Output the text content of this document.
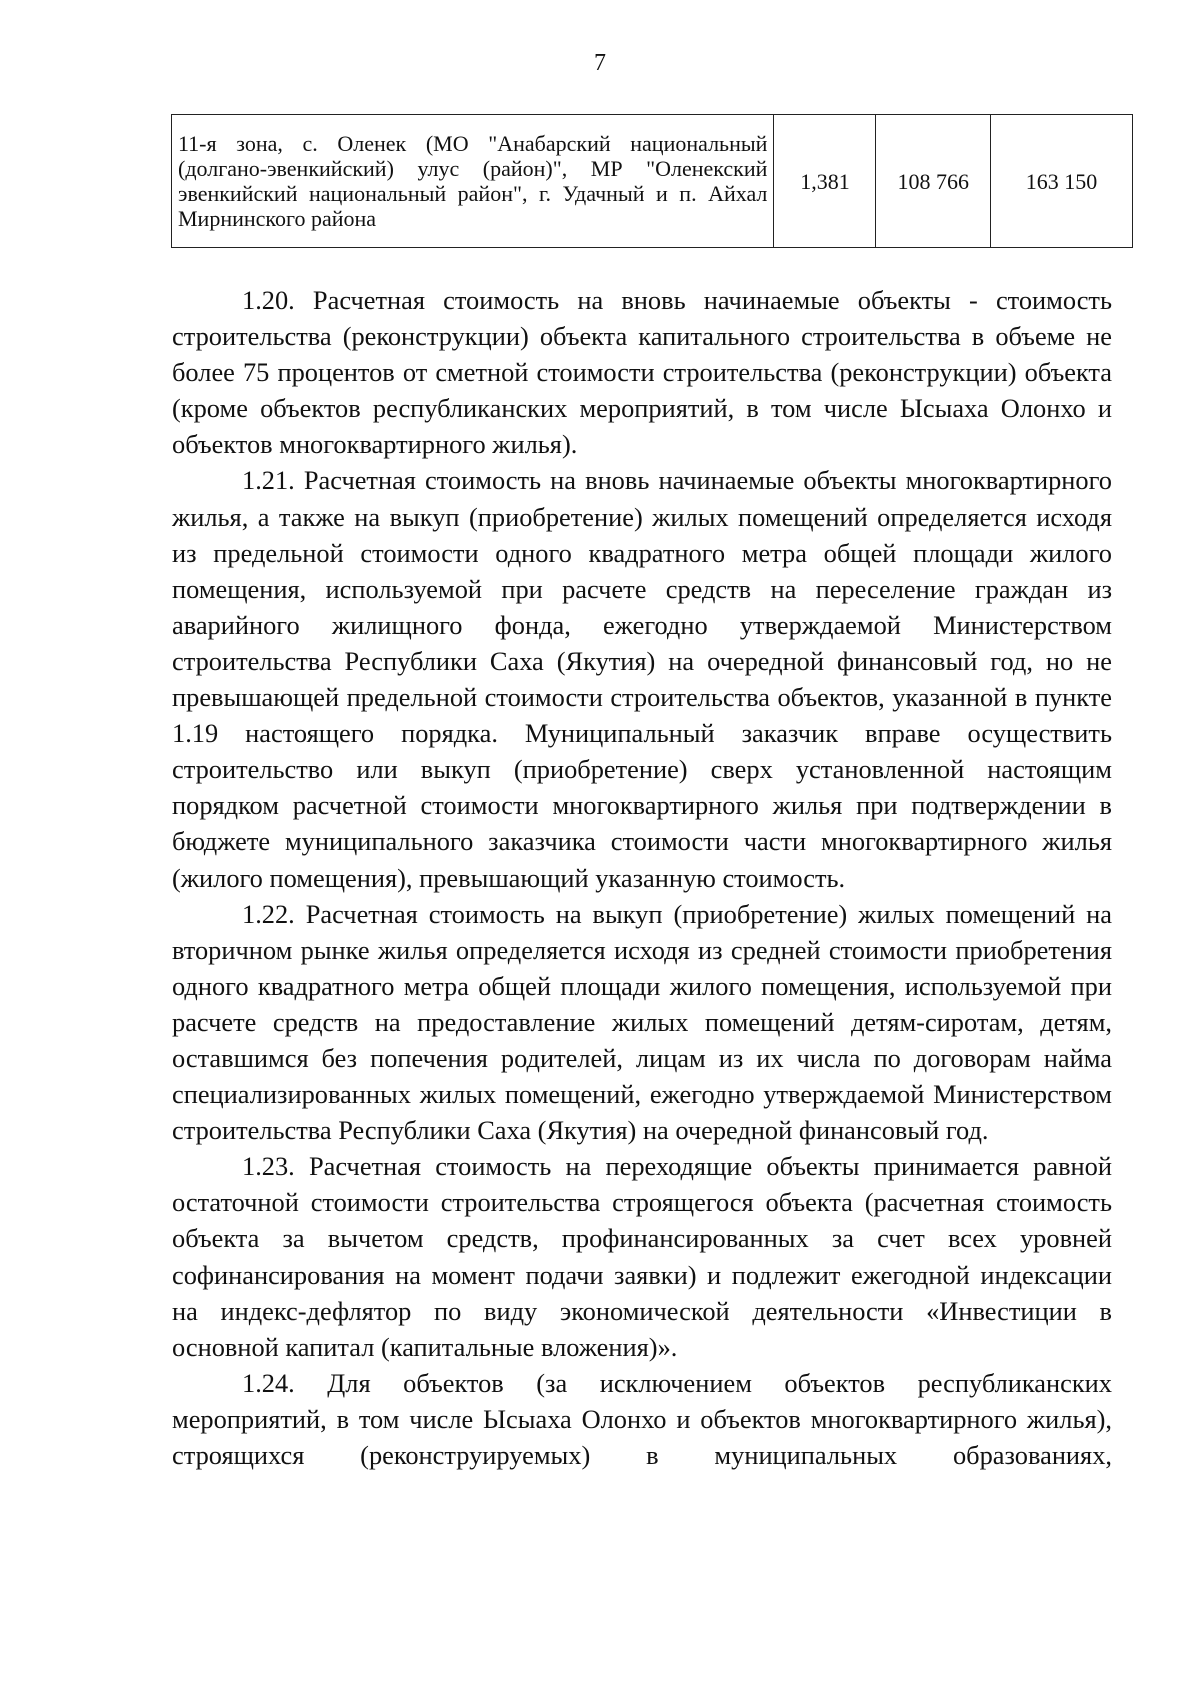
7
11-я зона, с. Оленек (МО "Анабарский национальный (долгано-эвенкийский) улус (район)", МР "Оленекский эвенкийский национальный район", г. Удачный и п. Айхал Мирнинского района	1,381	108 766	163 150

1.20. Расчетная стоимость на вновь начинаемые объекты - стоимость строительства (реконструкции) объекта капитального строительства в объеме не более 75 процентов от сметной стоимости строительства (реконструкции) объекта (кроме объектов республиканских мероприятий, в том числе Ысыаха Олонхо и объектов многоквартирного жилья).

1.21. Расчетная стоимость на вновь начинаемые объекты многоквартирного жилья, а также на выкуп (приобретение) жилых помещений определяется исходя из предельной стоимости одного квадратного метра общей площади жилого помещения, используемой при расчете средств на переселение граждан из аварийного жилищного фонда, ежегодно утверждаемой Министерством строительства Республики Саха (Якутия) на очередной финансовый год, но не превышающей предельной стоимости строительства объектов, указанной в пункте 1.19 настоящего порядка. Муниципальный заказчик вправе осуществить строительство или выкуп (приобретение) сверх установленной настоящим порядком расчетной стоимости многоквартирного жилья при подтверждении в бюджете муниципального заказчика стоимости части многоквартирного жилья (жилого помещения), превышающий указанную стоимость.

1.22. Расчетная стоимость на выкуп (приобретение) жилых помещений на вторичном рынке жилья определяется исходя из средней стоимости приобретения одного квадратного метра общей площади жилого помещения, используемой при расчете средств на предоставление жилых помещений детям-сиротам, детям, оставшимся без попечения родителей, лицам из их числа по договорам найма специализированных жилых помещений, ежегодно утверждаемой Министерством строительства Республики Саха (Якутия) на очередной финансовый год.

1.23. Расчетная стоимость на переходящие объекты принимается равной остаточной стоимости строительства строящегося объекта (расчетная стоимость объекта за вычетом средств, профинансированных за счет всех уровней софинансирования на момент подачи заявки) и подлежит ежегодной индексации на индекс-дефлятор по виду экономической деятельности «Инвестиции в основной капитал (капитальные вложения)».

1.24. Для объектов (за исключением объектов республиканских мероприятий, в том числе Ысыаха Олонхо и объектов многоквартирного жилья), строящихся (реконструируемых) в муниципальных образованиях,
